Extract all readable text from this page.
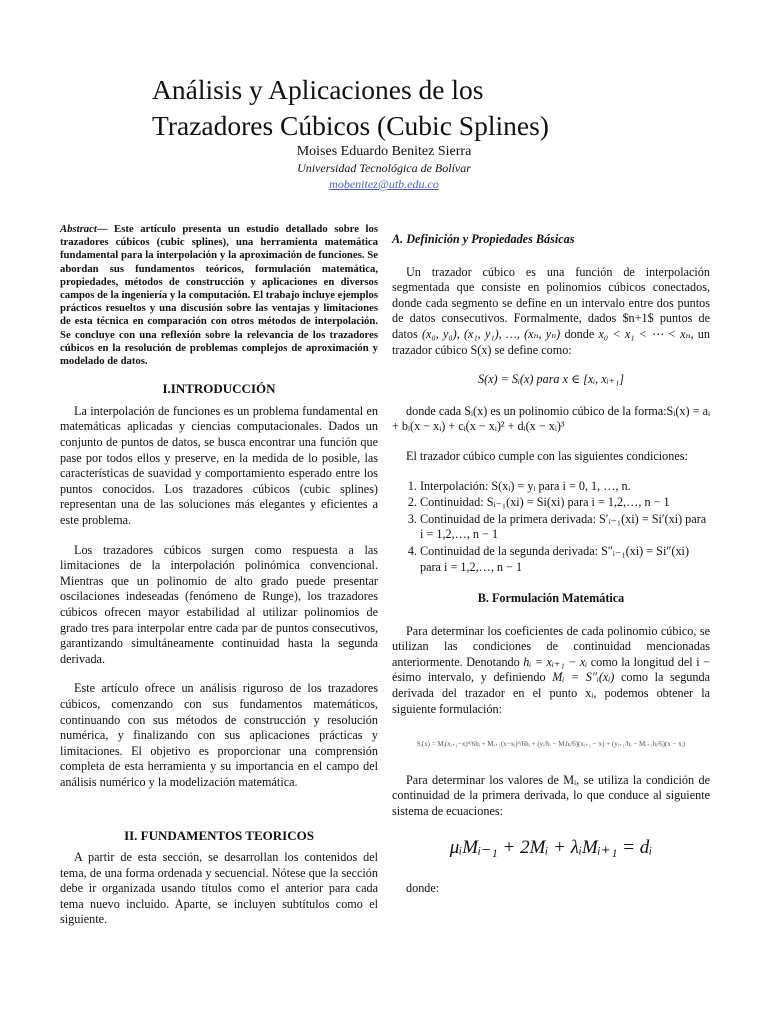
Análisis y Aplicaciones de los
Trazadores Cúbicos (Cubic Splines)
Moises Eduardo Benitez Sierra
Universidad Tecnológica de Bolívar
mobenitez@utb.edu.co

Abstract— Este artículo presenta un estudio detallado sobre los trazadores cúbicos (cubic splines), una herramienta matemática fundamental para la interpolación y la aproximación de funciones. Se abordan sus fundamentos teóricos, formulación matemática, propiedades, métodos de construcción y aplicaciones en diversos campos de la ingeniería y la computación. El trabajo incluye ejemplos prácticos resueltos y una discusión sobre las ventajas y limitaciones de esta técnica en comparación con otros métodos de interpolación. Se concluye con una reflexión sobre la relevancia de los trazadores cúbicos en la resolución de problemas complejos de aproximación y modelado de datos.

I.INTRODUCCIÓN

La interpolación de funciones es un problema fundamental en matemáticas aplicadas y ciencias computacionales. Dados un conjunto de puntos de datos, se busca encontrar una función que pase por todos ellos y preserve, en la medida de lo posible, las características de suavidad y comportamiento esperado entre los puntos conocidos. Los trazadores cúbicos (cubic splines) representan una de las soluciones más elegantes y eficientes a este problema.

Los trazadores cúbicos surgen como respuesta a las limitaciones de la interpolación polinómica convencional. Mientras que un polinomio de alto grado puede presentar oscilaciones indeseadas (fenómeno de Runge), los trazadores cúbicos ofrecen mayor estabilidad al utilizar polinomios de grado tres para interpolar entre cada par de puntos consecutivos, garantizando simultáneamente continuidad hasta la segunda derivada.

Este artículo ofrece un análisis riguroso de los trazadores cúbicos, comenzando con sus fundamentos matemáticos, continuando con sus métodos de construcción y resolución numérica, y finalizando con sus aplicaciones prácticas y limitaciones. El objetivo es proporcionar una comprensión completa de esta herramienta y su importancia en el campo del análisis numérico y la modelización matemática.

II. FUNDAMENTOS TEORICOS

A partir de esta sección, se desarrollan los contenidos del tema, de una forma ordenada y secuencial. Nótese que la sección debe ir organizada usando títulos como el anterior para cada tema nuevo incluido. Aparte, se incluyen subtítulos como el siguiente.

A. Definición y Propiedades Básicas

Un trazador cúbico es una función de interpolación segmentada que consiste en polinomios cúbicos conectados, donde cada segmento se define en un intervalo entre dos puntos de datos consecutivos. Formalmente, dados $n+1$ puntos de datos (x₀, y₀), (x₁, y₁), …, (xₙ, yₙ) donde x₀ < x₁ < ⋯ < xₙ, un trazador cúbico S(x) se define como:

S(x) = Sᵢ(x) para x ∈ [xᵢ, xᵢ₊₁]

donde cada Sᵢ(x) es un polinomio cúbico de la forma:Sᵢ(x) = aᵢ + bᵢ(x − xᵢ) + cᵢ(x − xᵢ)² + dᵢ(x − xᵢ)³

El trazador cúbico cumple con las siguientes condiciones:

1. Interpolación: S(xᵢ) = yᵢ para i = 0, 1, …, n.
2. Continuidad: Sᵢ₋₁(xi) = Si(xi) para i = 1,2,…, n − 1
3. Continuidad de la primera derivada: S′ᵢ₋₁(xi) = Si′(xi) para i = 1,2,…, n − 1
4. Continuidad de la segunda derivada: S″ᵢ₋₁(xi) = Si″(xi) para i = 1,2,…, n − 1
B. Formulación Matemática

Para determinar los coeficientes de cada polinomio cúbico, se utilizan las condiciones de continuidad mencionadas anteriormente. Denotando hᵢ = xᵢ₊₁ − xᵢ como la longitud del i − ésimo intervalo, y definiendo Mᵢ = S″ᵢ(xᵢ) como la segunda derivada del trazador en el punto xᵢ, podemos obtener la siguiente formulación:

Sᵢ(x) = Mᵢ(xᵢ₊₁−x)³/6hᵢ + Mᵢ₊₁(x−xᵢ)³/6hᵢ + (yᵢ/hᵢ − Mᵢhᵢ/6)(xᵢ₊₁ − x) + (yᵢ₊₁/hᵢ − Mᵢ₊₁hᵢ/6)(x − xᵢ)

Para determinar los valores de Mᵢ, se utiliza la condición de continuidad de la primera derivada, lo que conduce al siguiente sistema de ecuaciones:

μᵢMᵢ₋₁ + 2Mᵢ + λᵢMᵢ₊₁ = dᵢ

donde:
